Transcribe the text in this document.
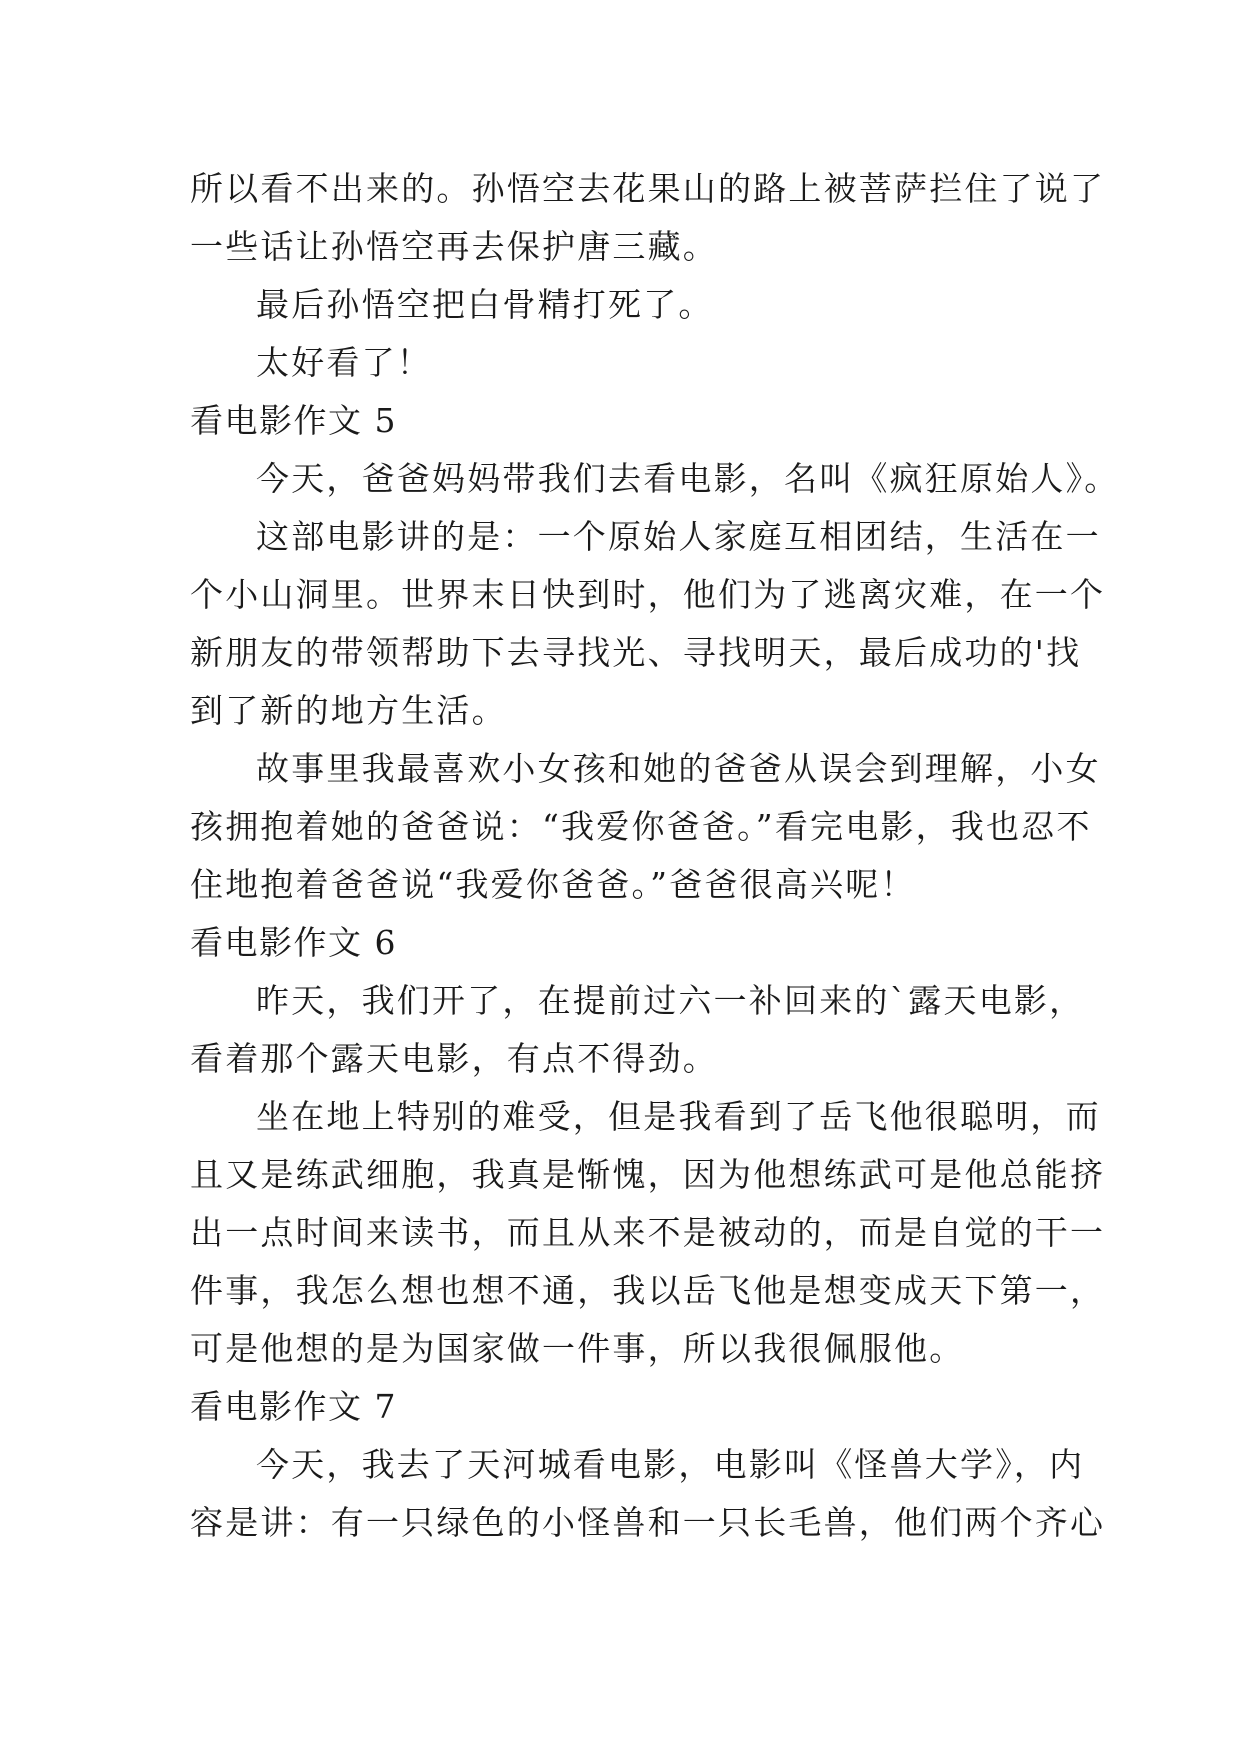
所以看不出来的。孙悟空去花果山的路上被菩萨拦住了说了
一些话让孙悟空再去保护唐三藏。
最后孙悟空把白骨精打死了。
太好看了！
看电影作文 5
今天，爸爸妈妈带我们去看电影，名叫《疯狂原始人》。
这部电影讲的是：一个原始人家庭互相团结，生活在一
个小山洞里。世界末日快到时，他们为了逃离灾难，在一个
新朋友的带领帮助下去寻找光、寻找明天，最后成功的'找
到了新的地方生活。
故事里我最喜欢小女孩和她的爸爸从误会到理解，小女
孩拥抱着她的爸爸说：“我爱你爸爸。”看完电影，我也忍不
住地抱着爸爸说“我爱你爸爸。”爸爸很高兴呢！
看电影作文 6
昨天，我们开了，在提前过六一补回来的`露天电影，
看着那个露天电影，有点不得劲。
坐在地上特别的难受，但是我看到了岳飞他很聪明，而
且又是练武细胞，我真是惭愧，因为他想练武可是他总能挤
出一点时间来读书，而且从来不是被动的，而是自觉的干一
件事，我怎么想也想不通，我以岳飞他是想变成天下第一，
可是他想的是为国家做一件事，所以我很佩服他。
看电影作文 7
今天，我去了天河城看电影，电影叫《怪兽大学》，内
容是讲：有一只绿色的小怪兽和一只长毛兽，他们两个齐心
